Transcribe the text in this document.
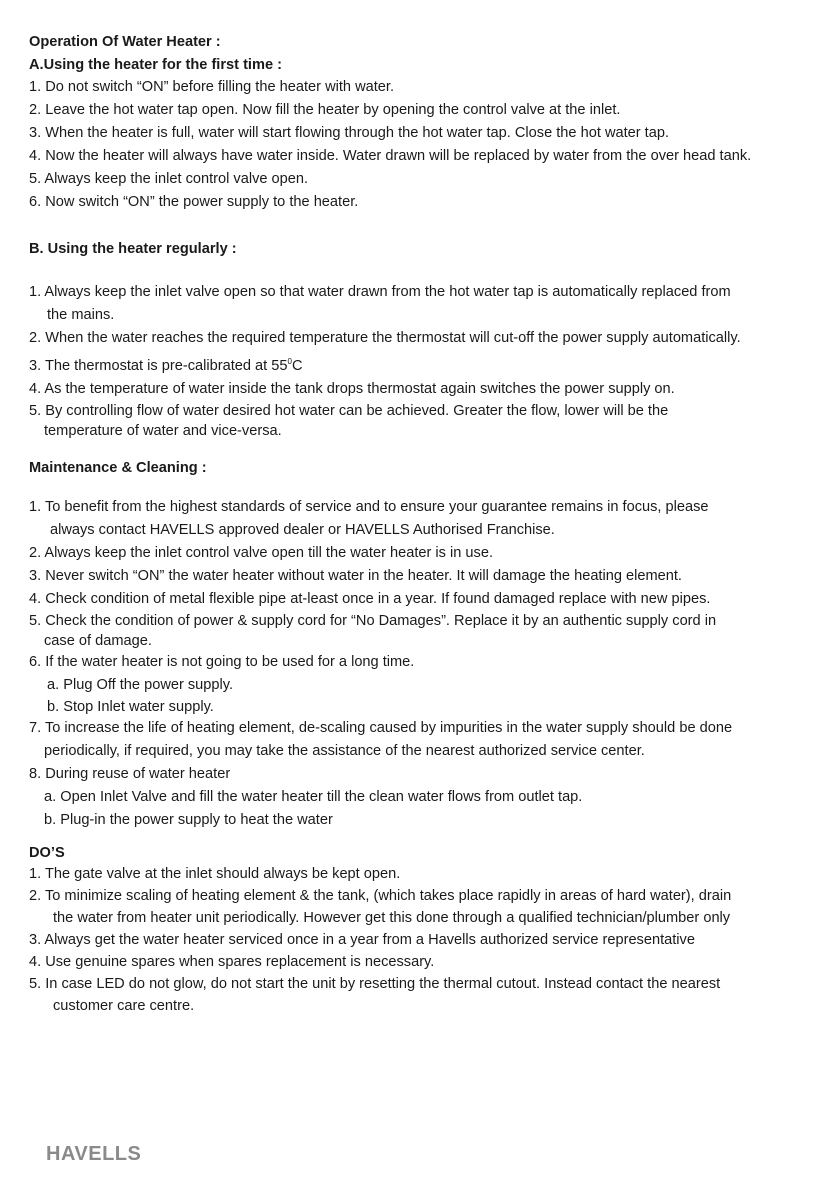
Operation Of Water Heater :

A.Using the heater for the first time :

1. Do not switch “ON” before filling the heater with water.

2. Leave the hot water tap open. Now fill the heater by opening the control valve at the inlet.

3. When the heater is full, water will start flowing through the hot water tap. Close the hot water tap.

4. Now the heater will always have water inside. Water drawn will be replaced by water from the over head tank.

5. Always keep the inlet control valve open.

6. Now switch “ON” the power supply to the heater.

B. Using the heater regularly :

1. Always keep the inlet valve open so that water drawn from the hot water tap is automatically replaced from

the mains.

2. When the water reaches the required temperature the thermostat will cut-off the power supply automatically.

3. The thermostat is pre-calibrated at $55^0C$

4. As the temperature of water inside the tank drops thermostat again switches the power supply on.

5. By controlling flow of water desired hot water can be achieved. Greater the flow, lower will be the

temperature of water and vice-versa.

Maintenance & Cleaning :

1. To benefit from the highest standards of service and to ensure your guarantee remains in focus, please

always contact HAVELLS approved dealer or HAVELLS Authorised Franchise.

2. Always keep the inlet control valve open till the water heater is in use.

3. Never switch “ON” the water heater without water in the heater. It will damage the heating element.

4. Check condition of metal flexible pipe at-least once in a year. If found damaged replace with new pipes.

5. Check the condition of power & supply cord for “No Damages”. Replace it by an authentic supply cord in

case of damage.

6. If the water heater is not going to be used for a long time.

a. Plug Off the power supply.

b. Stop Inlet water supply.

7. To increase the life of heating element, de-scaling caused by impurities in the water supply should be done

periodically, if required, you may take the assistance of the nearest authorized service center.

8. During reuse of water heater

a. Open Inlet Valve and fill the water heater till the clean water flows from outlet tap.

b. Plug-in the power supply to heat the water

DO’S

1. The gate valve at the inlet should always be kept open.

2. To minimize scaling of heating element & the tank, (which takes place rapidly in areas of hard water), drain

the water from heater unit periodically. However get this done through a qualified technician/plumber only

3. Always get the water heater serviced once in a year from a Havells authorized service representative

4. Use genuine spares when spares replacement is necessary.

5. In case LED do not glow, do not start the unit by resetting the thermal cutout. Instead contact the nearest

customer care centre.

HAVELLS
